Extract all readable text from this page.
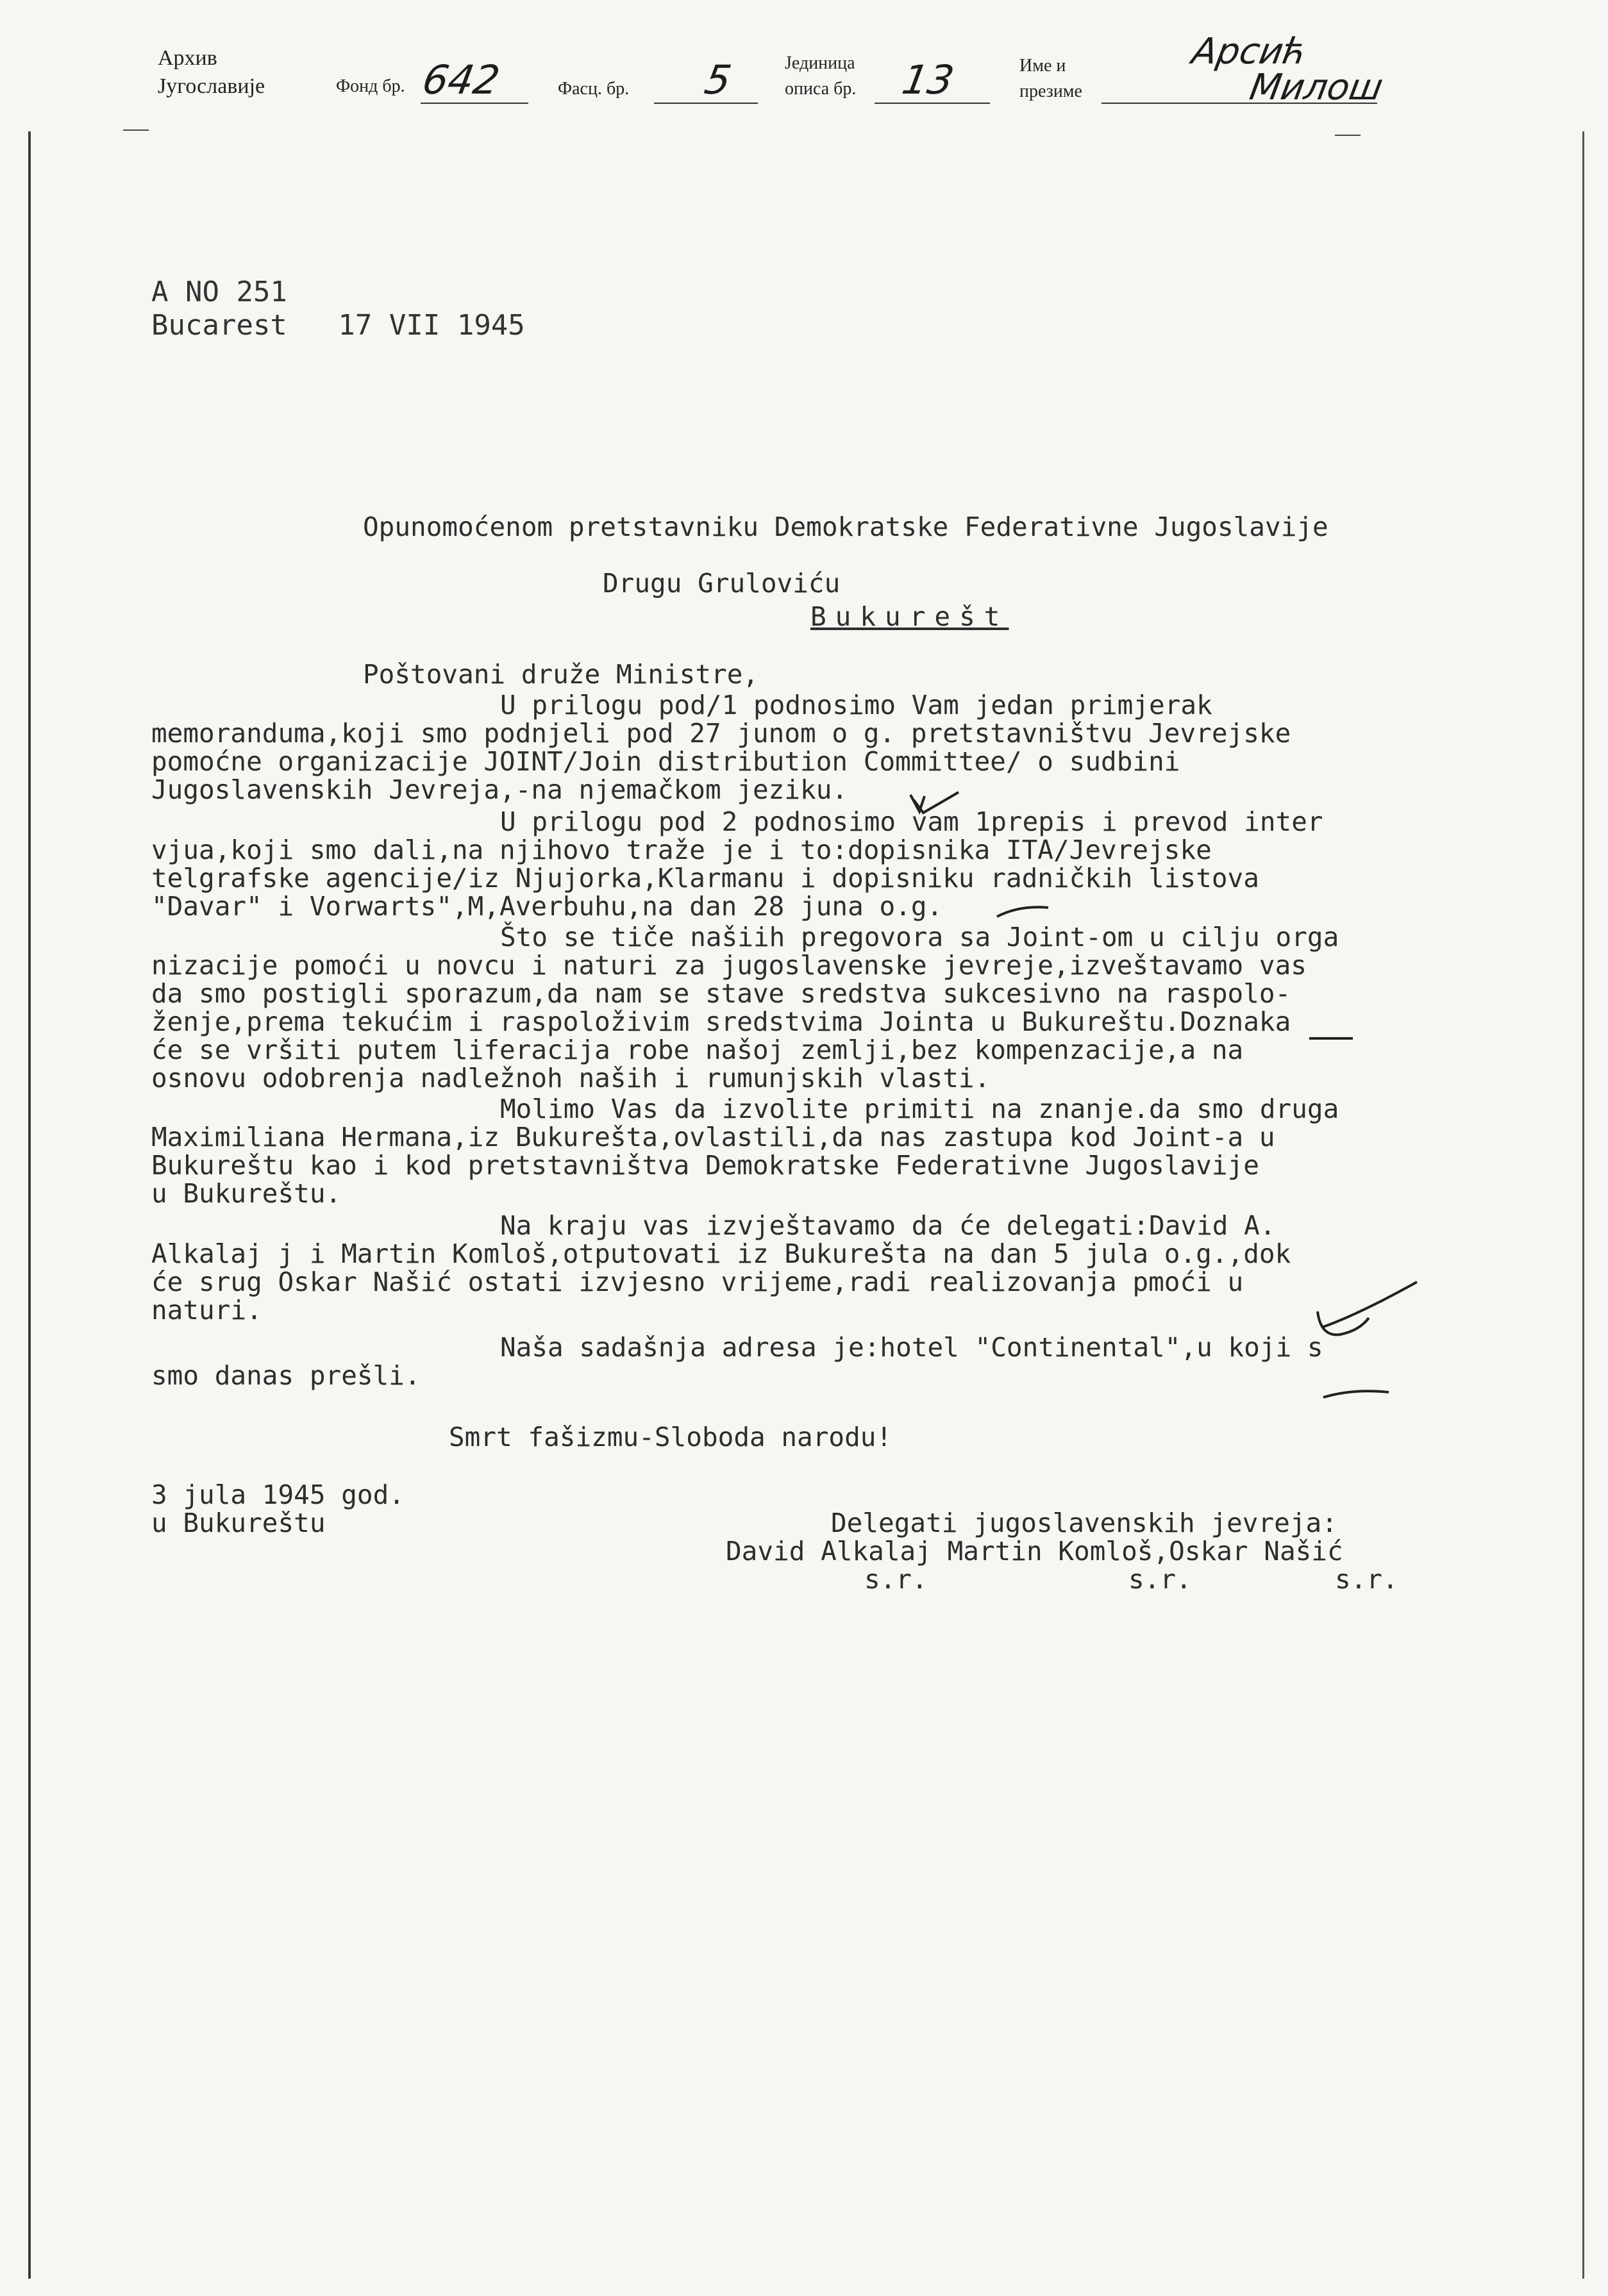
Архив
Југославије	Фонд бр. 642	Фасц. бр. 5	Јединица
описа бр. 13	Име и
презиме
Арсић
Милош
A NO 251
Bucarest 17 VII 1945
Opunomoćenom pretstavniku Demokratske Federativne Jugoslavije
Drugu Gruloviću
Bukurešt
Poštovani druže Ministre,
U prilogu pod/1 podnosimo Vam jedan primjerak
memoranduma,koji smo podnjeli pod 27 junom o g. pretstavništvu Jevrejske
pomoćne organizacije JOINT/Join distribution Committee/ o sudbini
Jugoslavenskih Jevreja,-na njemačkom jeziku.
U prilogu pod 2 podnosimo vam 1prepis i prevod inter
vjua,koji smo dali,na njihovo traže je i to:dopisnika ITA/Jevrejske
telgrafske agencije/iz Njujorka,Klarmanu i dopisniku radničkih listova
"Davar" i Vorwarts",M,Averbuhu,na dan 28 juna o.g.
Što se tiče našiih pregovora sa Joint-om u cilju orga
nizacije pomoći u novcu i naturi za jugoslavenske jevreje,izveštavamo vas
da smo postigli sporazum,da nam se stave sredstva sukcesivno na raspolo-
ženje,prema tekućim i raspoloživim sredstvima Jointa u Bukureštu.Doznaka
će se vršiti putem liferacija robe našoj zemlji,bez kompenzacije,a na
osnovu odobrenja nadležnoh naših i rumunjskih vlasti.
Molimo Vas da izvolite primiti na znanje.da smo druga
Maximiliana Hermana,iz Bukurešta,ovlastili,da nas zastupa kod Joint-a u
Bukureštu kao i kod pretstavništva Demokratske Federativne Jugoslavije
u Bukureštu.
Na kraju vas izvještavamo da će delegati:David A.
Alkalaj j i Martin Komloš,otputovati iz Bukurešta na dan 5 jula o.g.,dok
će srug Oskar Našić ostati izvjesno vrijeme,radi realizovanja pmoći u
naturi.
Naša sadašnja adresa je:hotel "Continental",u koji s
smo danas prešli.
Smrt fašizmu-Sloboda narodu!
3 jula 1945 god.
u Bukureštu	Delegati jugoslavenskih jevreja:
David Alkalaj Martin Komloš,Oskar Našić
s.r.	s.r.	s.r.
